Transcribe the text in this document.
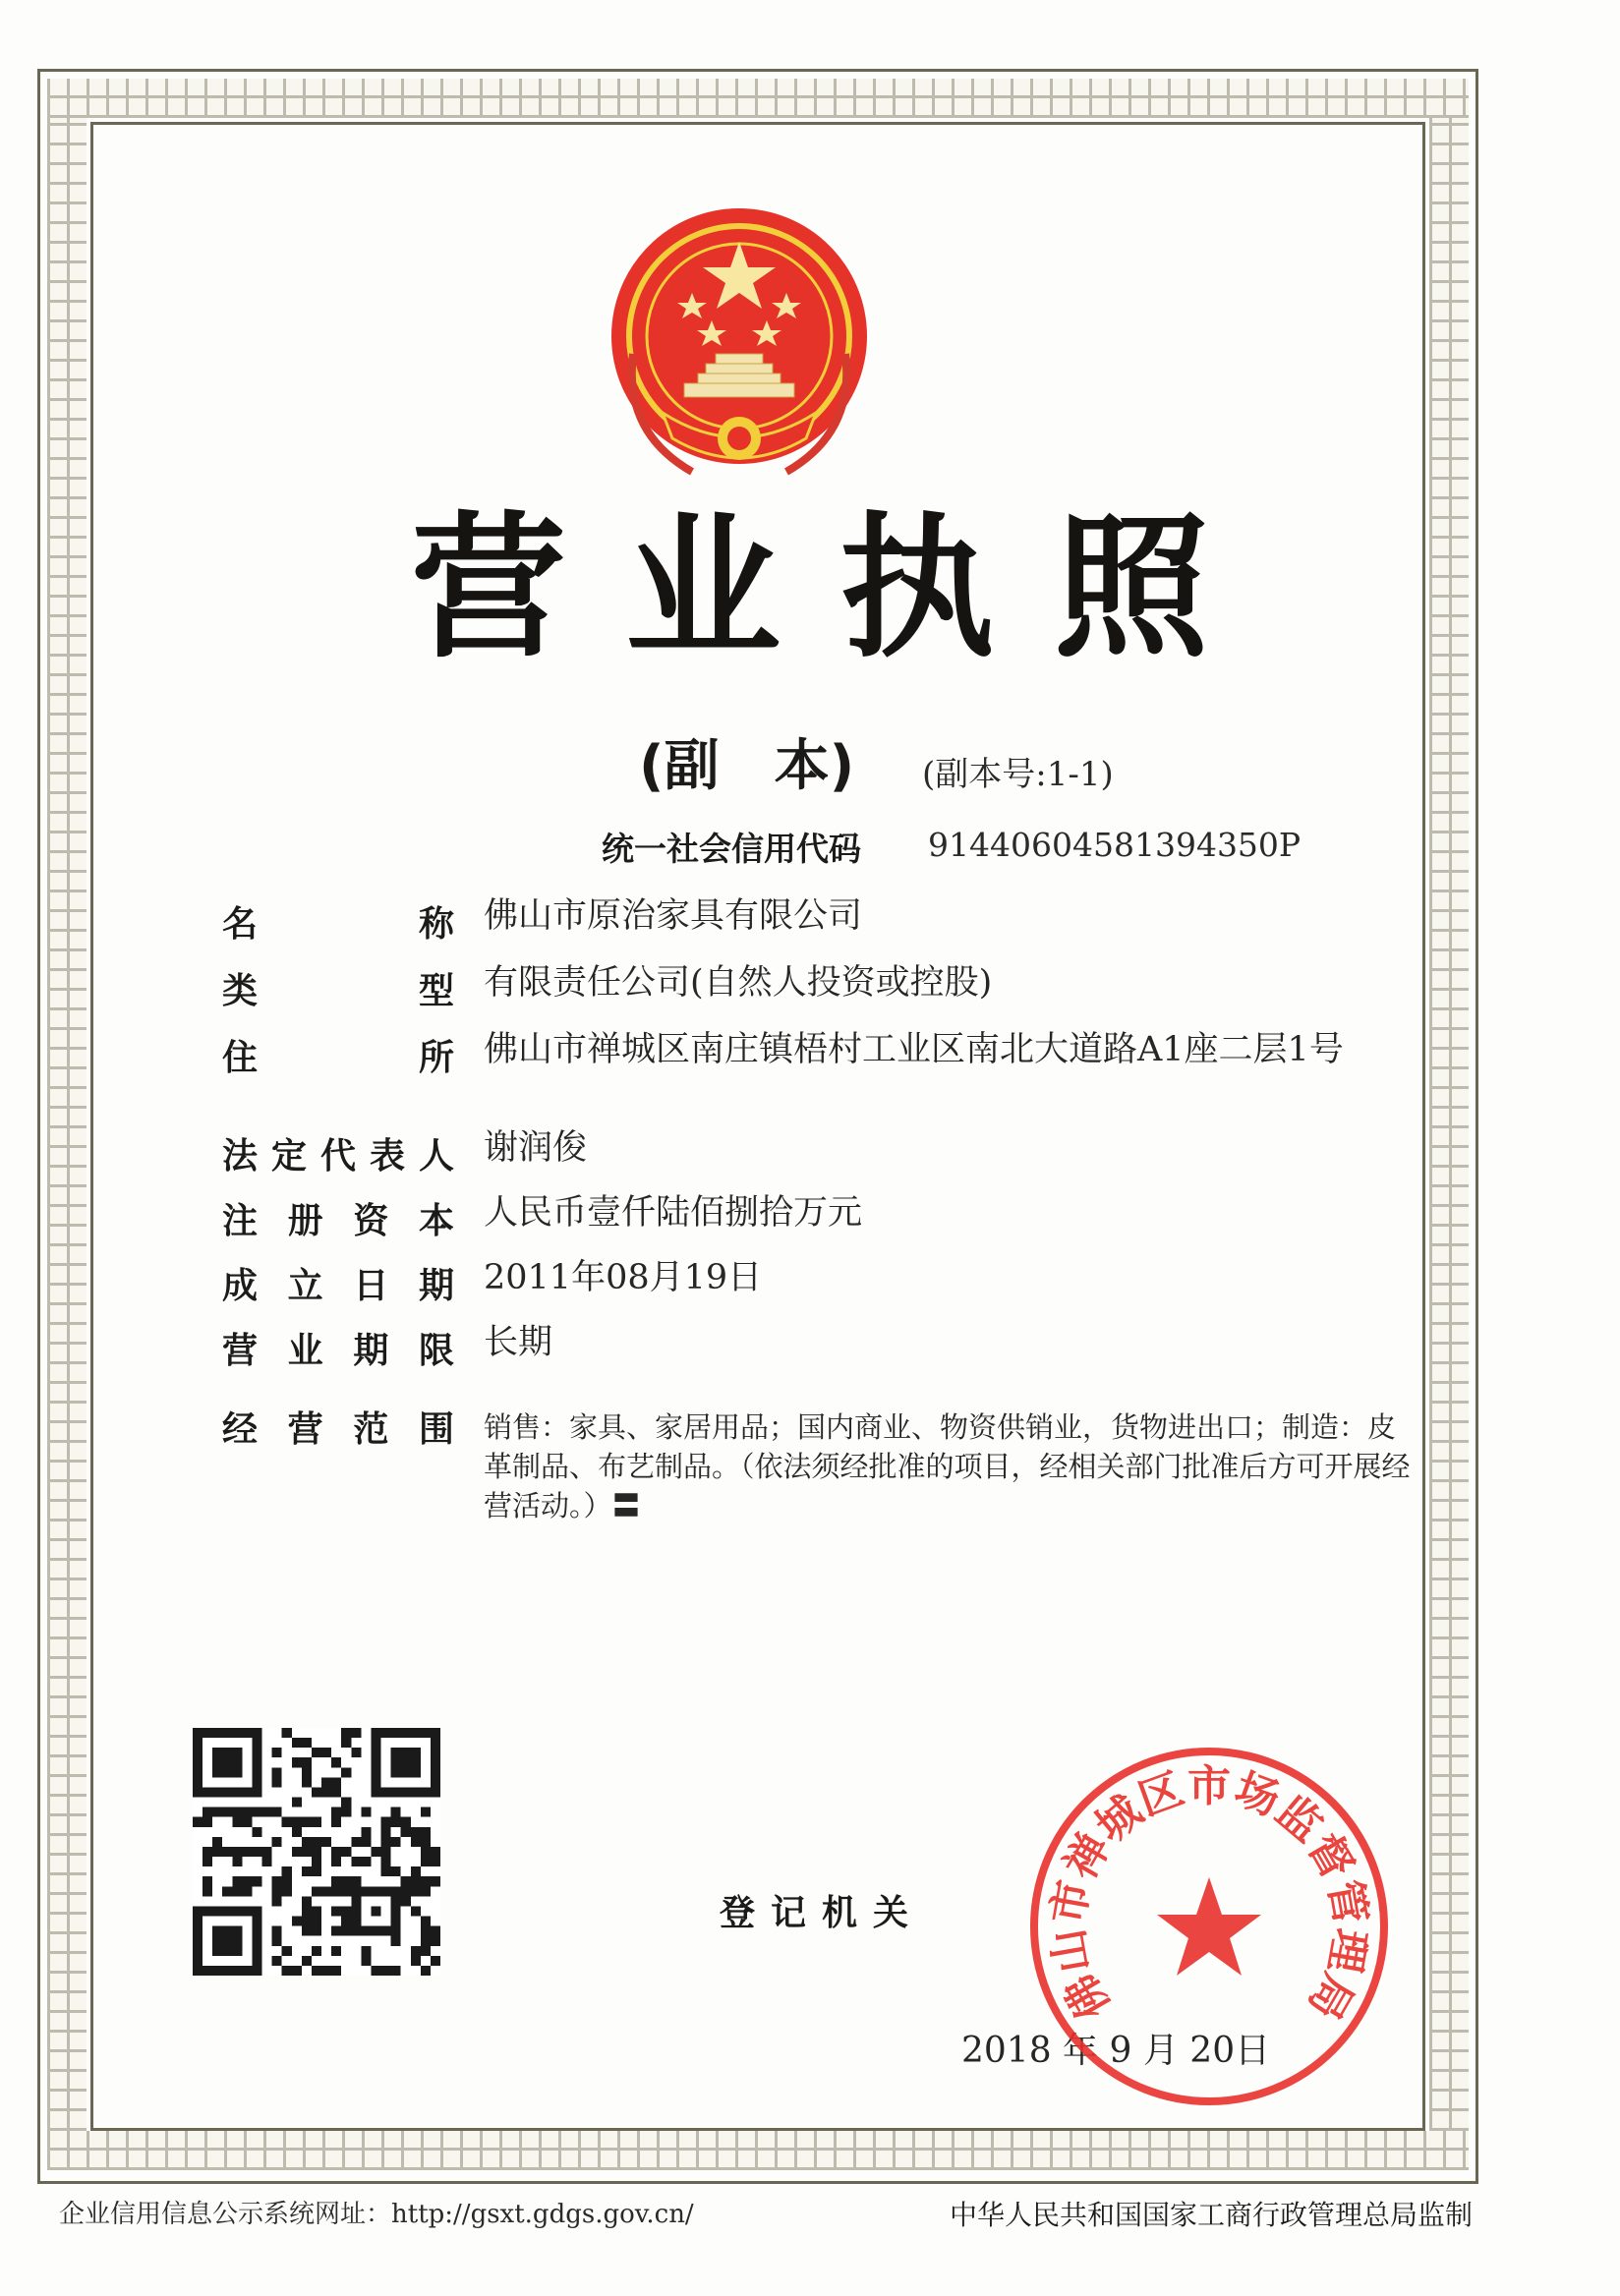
营业执照
(副　本) (副本号:1-1)
统一社会信用代码 91440604581394350P
名　　称 佛山市原治家具有限公司
类　　型 有限责任公司(自然人投资或控股)
住　　所 佛山市禅城区南庄镇梧村工业区南北大道路A1座二层1号
法定代表人 谢润俊
注册资本 人民币壹仟陆佰捌拾万元
成立日期 2011年08月19日
营业期限 长期
经营范围 销售：家具、家居用品；国内商业、物资供销业，货物进出口；制造：皮革制品、布艺制品。（依法须经批准的项目，经相关部门批准后方可开展经营活动。）〓
登记机关
2018 年 9 月 20日
佛
山
市
禅
城
区
市
场
监
督
管
理
局
企业信用信息公示系统网址：http://gsxt.gdgs.gov.cn/	中华人民共和国国家工商行政管理总局监制
